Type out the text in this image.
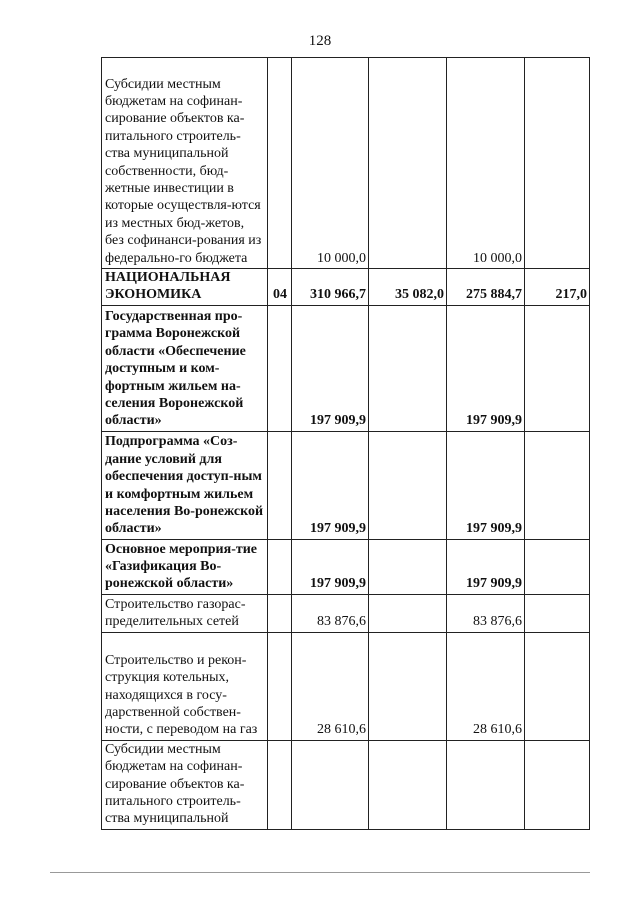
128
Субсидии местным бюджетам на софинан-сирование объектов ка-питального строитель-ства муниципальной собственности, бюд-жетные инвестиции в которые осуществля-ются из местных бюд-жетов, без софинанси-рования из федерально-го бюджета		10 000,0		10 000,0	
НАЦИОНАЛЬНАЯ ЭКОНОМИКА	04	310 966,7	35 082,0	275 884,7	217,0
Государственная про-грамма Воронежской области «Обеспечение доступным и ком-фортным жильем на-селения Воронежской области»		197 909,9		197 909,9	
Подпрограмма «Соз-дание условий для обеспечения доступ-ным и комфортным жильем населения Во-ронежской области»		197 909,9		197 909,9	
Основное мероприя-тие «Газификация Во-ронежской области»		197 909,9		197 909,9	
Строительство газорас-пределительных сетей		83 876,6		83 876,6	
Строительство и рекон-струкция котельных, находящихся в госу-дарственной собствен-ности, с переводом на газ		28 610,6		28 610,6	
Субсидии местным бюджетам на софинан-сирование объектов ка-питального строитель-ства муниципальной					
